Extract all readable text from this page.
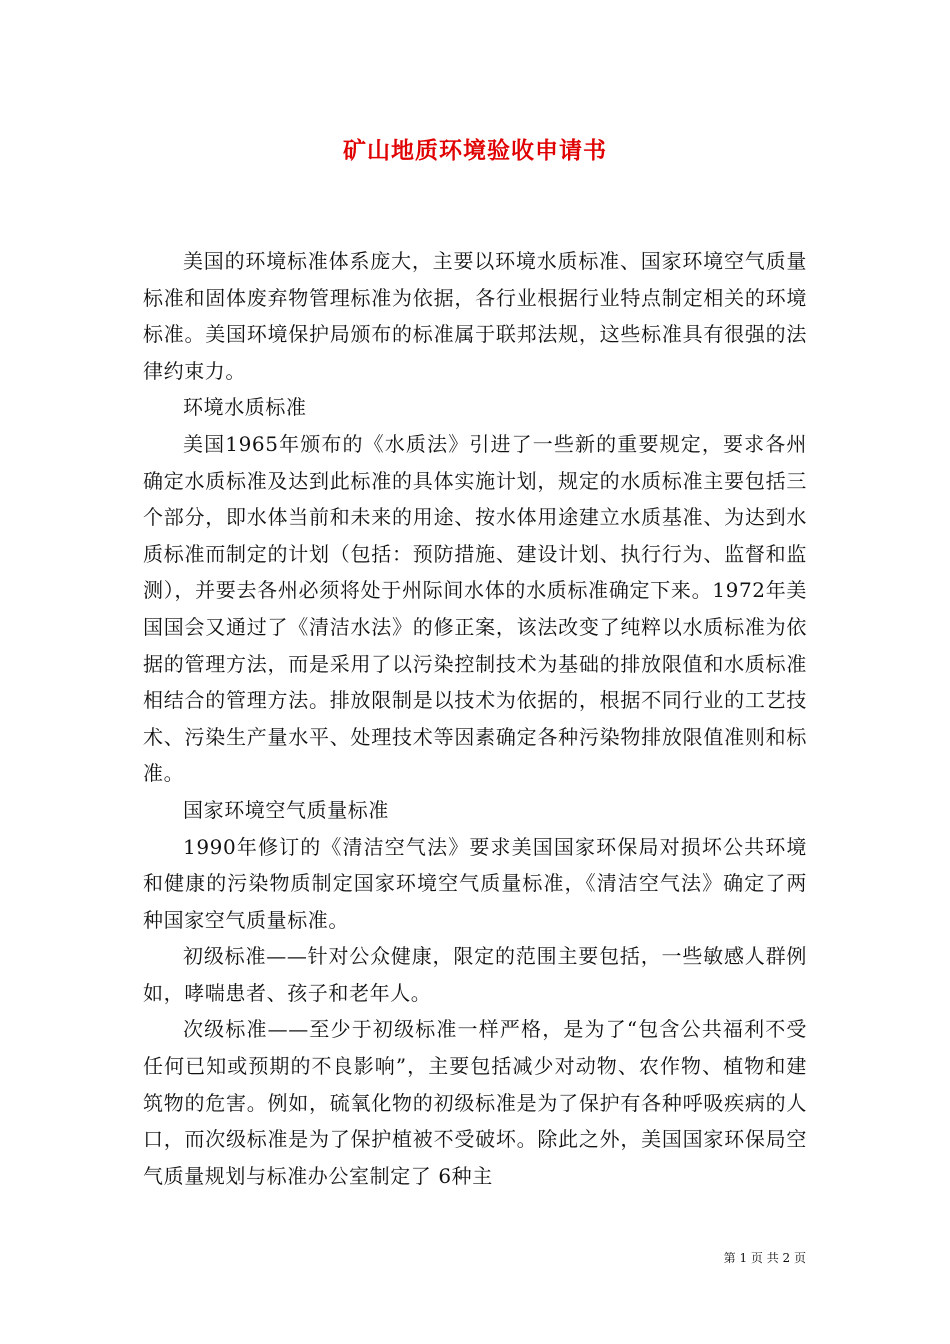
矿山地质环境验收申请书

美国的环境标准体系庞大，主要以环境水质标准、国家环境空气质量标准和固体废弃物管理标准为依据，各行业根据行业特点制定相关的环境标准。美国环境保护局颁布的标准属于联邦法规，这些标准具有很强的法律约束力。

环境水质标准

美国1965年颁布的《水质法》引进了一些新的重要规定，要求各州确定水质标准及达到此标准的具体实施计划，规定的水质标准主要包括三个部分，即水体当前和未来的用途、按水体用途建立水质基准、为达到水质标准而制定的计划（包括：预防措施、建设计划、执行行为、监督和监测），并要去各州必须将处于州际间水体的水质标准确定下来。1972年美国国会又通过了《清洁水法》的修正案，该法改变了纯粹以水质标准为依据的管理方法，而是采用了以污染控制技术为基础的排放限值和水质标准相结合的管理方法。排放限制是以技术为依据的，根据不同行业的工艺技术、污染生产量水平、处理技术等因素确定各种污染物排放限值准则和标准。

国家环境空气质量标准

1990年修订的《清洁空气法》要求美国国家环保局对损坏公共环境和健康的污染物质制定国家环境空气质量标准，《清洁空气法》确定了两种国家空气质量标准。

初级标准——针对公众健康，限定的范围主要包括，一些敏感人群例如，哮喘患者、孩子和老年人。

次级标准——至少于初级标准一样严格，是为了“包含公共福利不受任何已知或预期的不良影响”，主要包括减少对动物、农作物、植物和建筑物的危害。例如，硫氧化物的初级标准是为了保护有各种呼吸疾病的人口，而次级标准是为了保护植被不受破坏。除此之外，美国国家环保局空气质量规划与标准办公室制定了 6种主

第 1 页 共 2 页
